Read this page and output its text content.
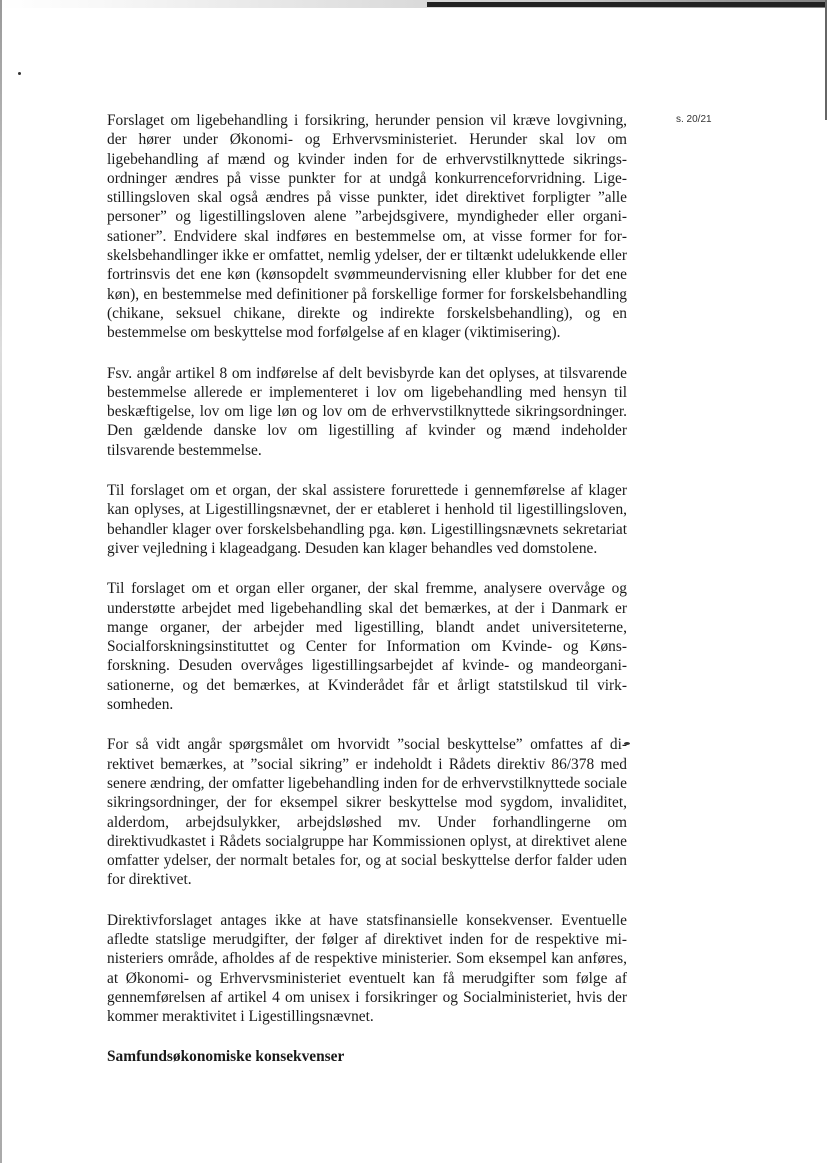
s. 20/21

Forslaget om ligebehandling i forsikring, herunder pension vil kræve lovgivning, der hører under Økonomi- og Erhvervsministeriet. Herunder skal lov om ligebehandling af mænd og kvinder inden for de erhvervstilknyttede sikringsordninger ændres på visse punkter for at undgå konkurrenceforvridning. Ligestillingsloven skal også ændres på visse punkter, idet direktivet forpligter ”alle personer” og ligestillingsloven alene ”arbejdsgivere, myndigheder eller organisationer”. Endvidere skal indføres en bestemmelse om, at visse former for forskelsbehandlinger ikke er omfattet, nemlig ydelser, der er tiltænkt udelukkende eller fortrinsvis det ene køn (kønsopdelt svømmeundervisning eller klubber for det ene køn), en bestemmelse med definitioner på forskellige former for forskelsbehandling (chikane, seksuel chikane, direkte og indirekte forskelsbehandling), og en bestemmelse om beskyttelse mod forfølgelse af en klager (viktimisering).

Fsv. angår artikel 8 om indførelse af delt bevisbyrde kan det oplyses, at tilsvarende bestemmelse allerede er implementeret i lov om ligebehandling med hensyn til beskæftigelse, lov om lige løn og lov om de erhvervstilknyttede sikringsordninger. Den gældende danske lov om ligestilling af kvinder og mænd indeholder tilsvarende bestemmelse.

Til forslaget om et organ, der skal assistere forurettede i gennemførelse af klager kan oplyses, at Ligestillingsnævnet, der er etableret i henhold til ligestillingsloven, behandler klager over forskelsbehandling pga. køn. Ligestillingsnævnets sekretariat giver vejledning i klageadgang. Desuden kan klager behandles ved domstolene.

Til forslaget om et organ eller organer, der skal fremme, analysere overvåge og understøtte arbejdet med ligebehandling skal det bemærkes, at der i Danmark er mange organer, der arbejder med ligestilling, blandt andet universiteterne, Socialforskningsinstituttet og Center for Information om Kvinde- og Kønsforskning. Desuden overvåges ligestillingsarbejdet af kvinde- og mandeorganisationerne, og det bemærkes, at Kvinderådet får et årligt statstilskud til virksomheden.

For så vidt angår spørgsmålet om hvorvidt ”social beskyttelse” omfattes af direktivet bemærkes, at ”social sikring” er indeholdt i Rådets direktiv 86/378 med senere ændring, der omfatter ligebehandling inden for de erhvervstilknyttede sociale sikringsordninger, der for eksempel sikrer beskyttelse mod sygdom, invaliditet, alderdom, arbejdsulykker, arbejdsløshed mv. Under forhandlingerne om direktivudkastet i Rådets socialgruppe har Kommissionen oplyst, at direktivet alene omfatter ydelser, der normalt betales for, og at social beskyttelse derfor falder uden for direktivet.

Direktivforslaget antages ikke at have statsfinansielle konsekvenser. Eventuelle afledte statslige merudgifter, der følger af direktivet inden for de respektive ministeriers område, afholdes af de respektive ministerier. Som eksempel kan anføres, at Økonomi- og Erhvervsministeriet eventuelt kan få merudgifter som følge af gennemførelsen af artikel 4 om unisex i forsikringer og Socialministeriet, hvis der kommer meraktivitet i Ligestillingsnævnet.

Samfundsøkonomiske konsekvenser
